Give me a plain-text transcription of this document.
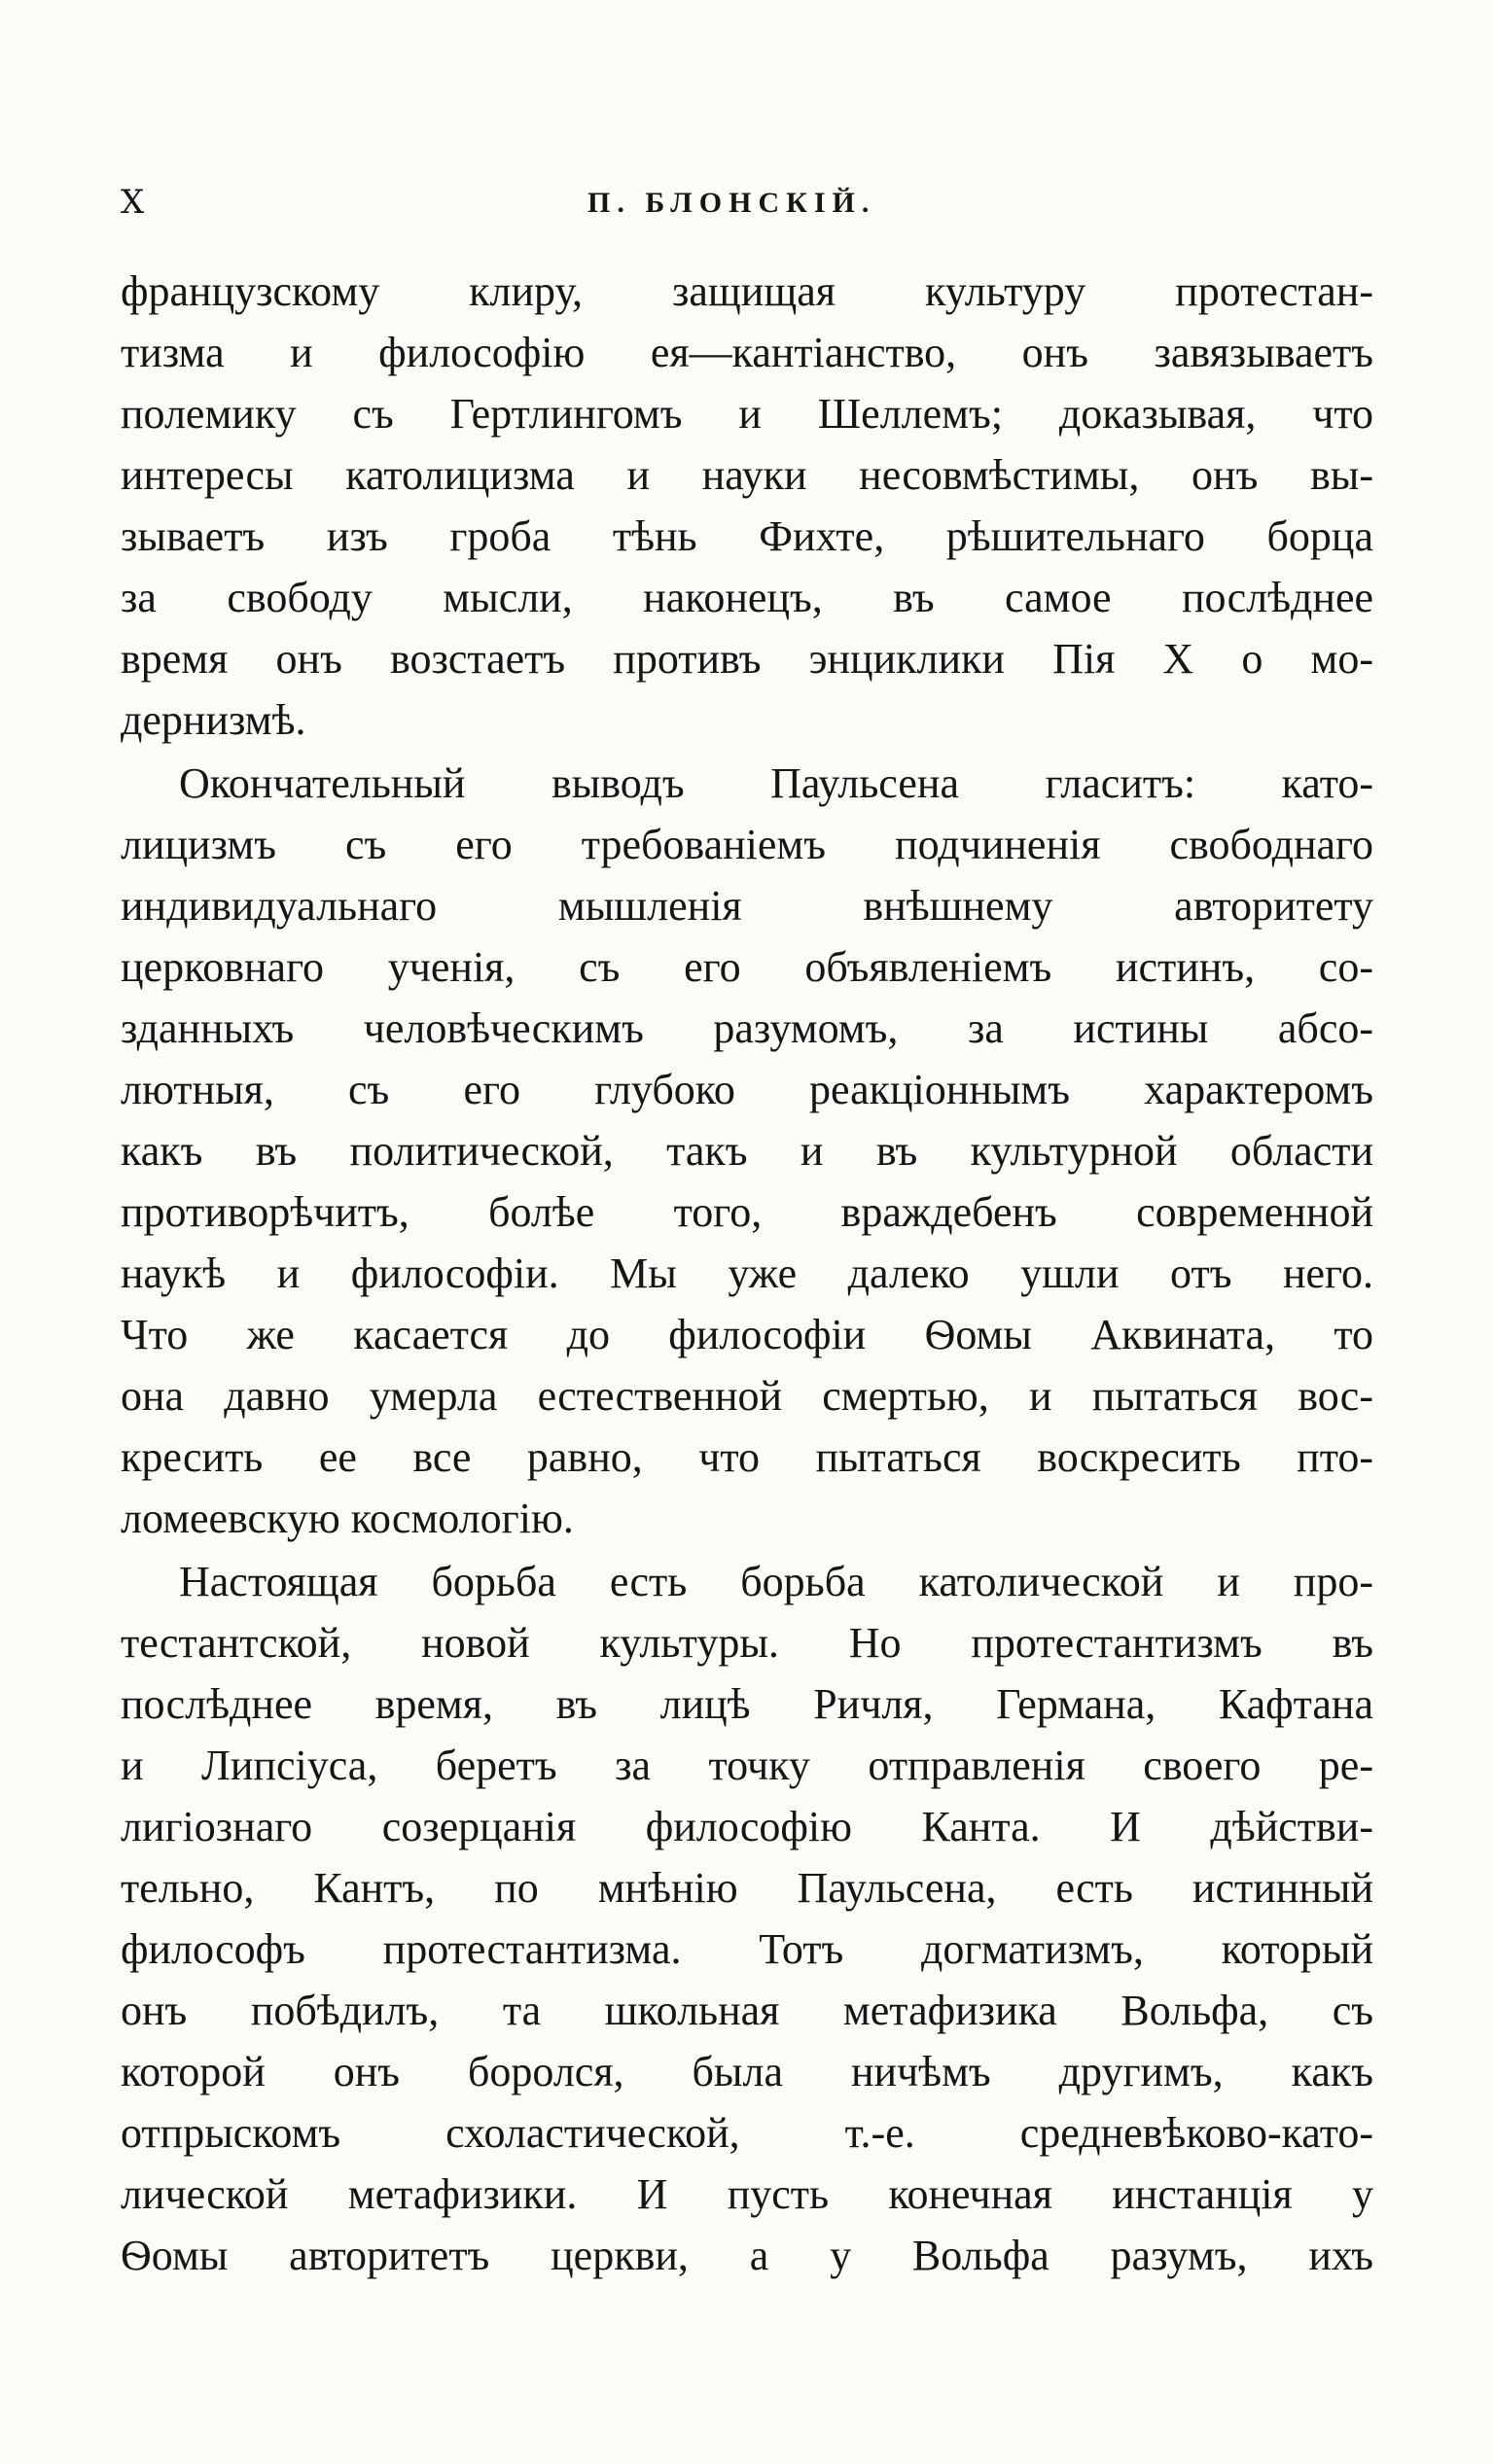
X	П. БЛОНСКІЙ.
французскому клиру, защищая культуру протестан-
тизма и философію ея—кантіанство, онъ завязываетъ
полемику съ Гертлингомъ и Шеллемъ; доказывая, что
интересы католицизма и науки несовмѣстимы, онъ вы-
зываетъ изъ гроба тѣнь Фихте, рѣшительнаго борца
за свободу мысли, наконецъ, въ самое послѣднее
время онъ возстаетъ противъ энциклики Пія X о мо-
дернизмѣ.
Окончательный выводъ Паульсена гласитъ: като-
лицизмъ съ его требованіемъ подчиненія свободнаго
индивидуальнаго мышленія внѣшнему авторитету
церковнаго ученія, съ его объявленіемъ истинъ, со-
зданныхъ человѣческимъ разумомъ, за истины абсо-
лютныя, съ его глубоко реакціоннымъ характеромъ
какъ въ политической, такъ и въ культурной области
противорѣчитъ, болѣе того, враждебенъ современной
наукѣ и философіи. Мы уже далеко ушли отъ него.
Что же касается до философіи Ѳомы Аквината, то
она давно умерла естественной смертью, и пытаться вос-
кресить ее все равно, что пытаться воскресить пто-
ломеевскую космологію.
Настоящая борьба есть борьба католической и про-
тестантской, новой культуры. Но протестантизмъ въ
послѣднее время, въ лицѣ Ричля, Германа, Кафтана
и Липсіуса, беретъ за точку отправленія своего ре-
лигіознаго созерцанія философію Канта. И дѣйстви-
тельно, Кантъ, по мнѣнію Паульсена, есть истинный
философъ протестантизма. Тотъ догматизмъ, который
онъ побѣдилъ, та школьная метафизика Вольфа, съ
которой онъ боролся, была ничѣмъ другимъ, какъ
отпрыскомъ схоластической, т.-е. средневѣково-като-
лической метафизики. И пусть конечная инстанція у
Ѳомы авторитетъ церкви, а у Вольфа разумъ, ихъ
